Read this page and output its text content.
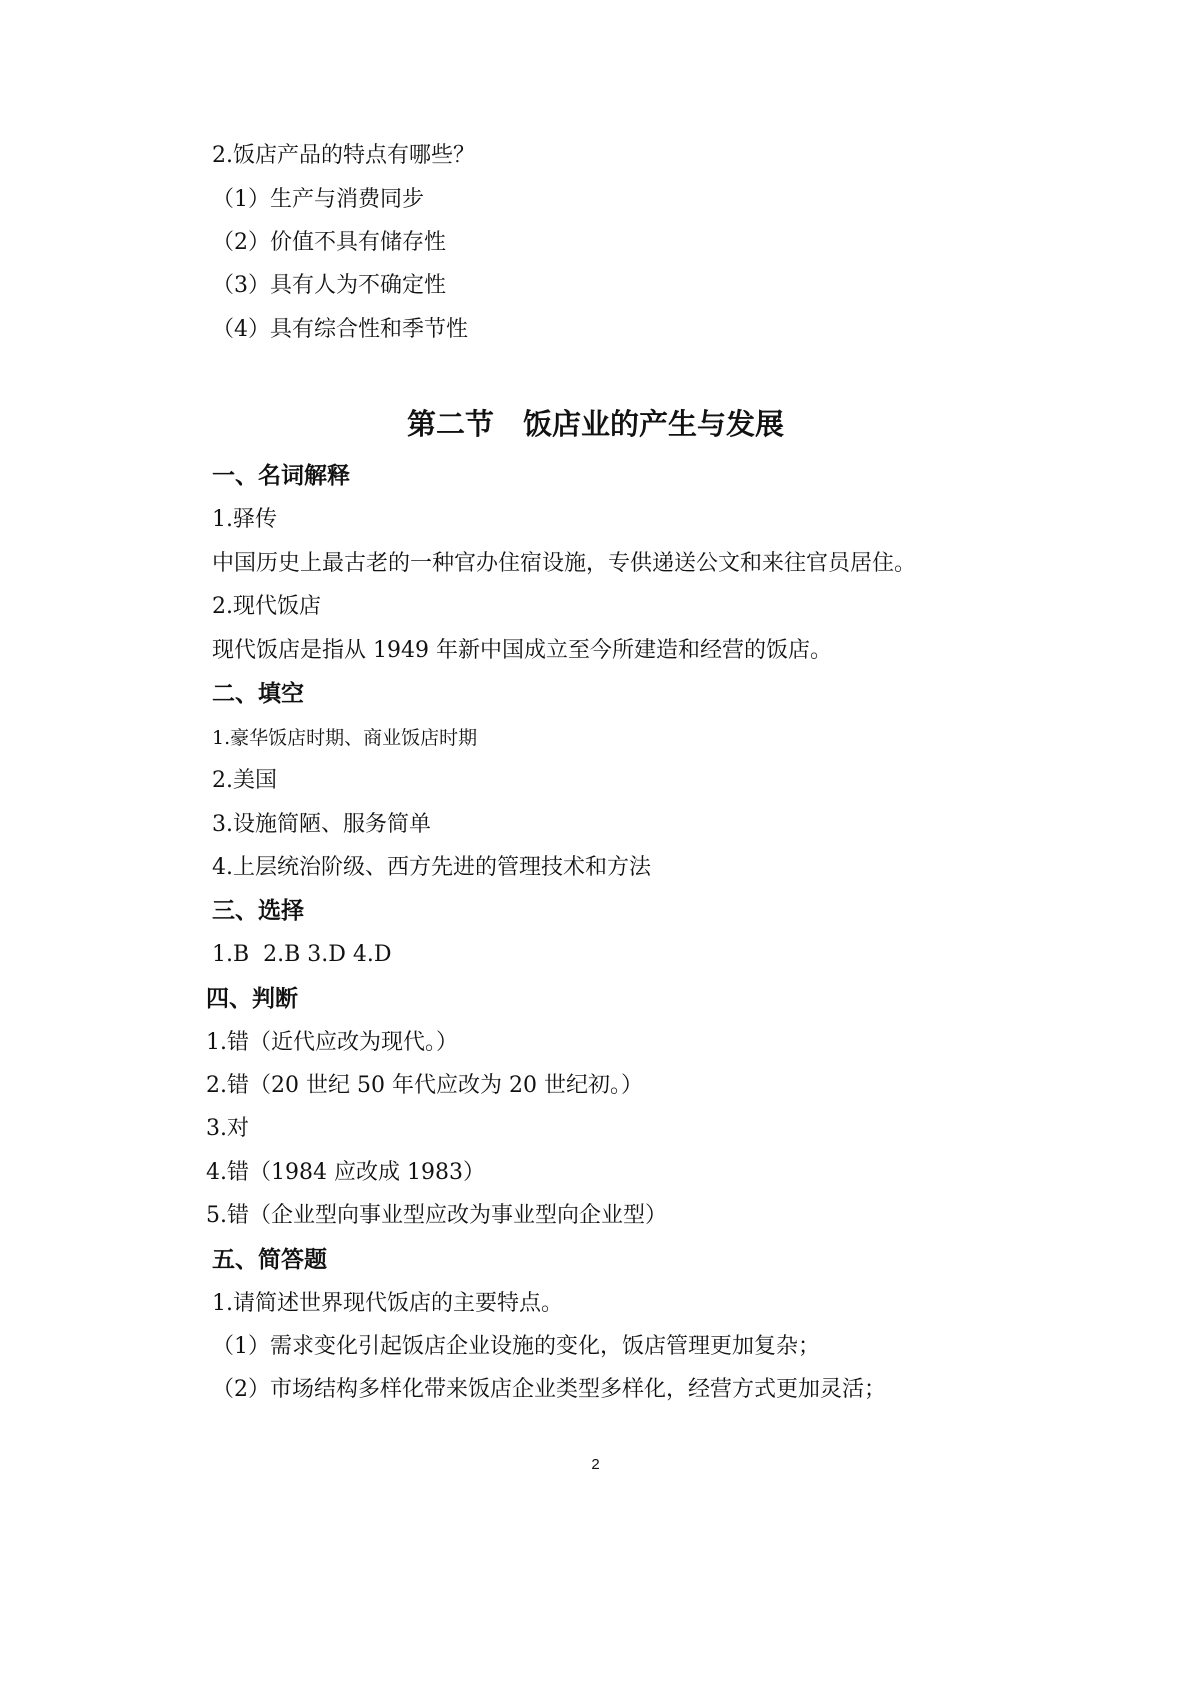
2.饭店产品的特点有哪些？
（1）生产与消费同步
（2）价值不具有储存性
（3）具有人为不确定性
（4）具有综合性和季节性
第二节　饭店业的产生与发展
一、名词解释
1.驿传
中国历史上最古老的一种官办住宿设施，专供递送公文和来往官员居住。
2.现代饭店
现代饭店是指从 1949 年新中国成立至今所建造和经营的饭店。
二、填空
1.豪华饭店时期、商业饭店时期
2.美国
3.设施简陋、服务简单
4.上层统治阶级、西方先进的管理技术和方法
三、选择
1.B  2.B 3.D 4.D
四、判断
1.错（近代应改为现代。）
2.错（20 世纪 50 年代应改为 20 世纪初。）
3.对
4.错（1984 应改成 1983）
5.错（企业型向事业型应改为事业型向企业型）
五、简答题
1.请简述世界现代饭店的主要特点。
（1）需求变化引起饭店企业设施的变化，饭店管理更加复杂；
（2）市场结构多样化带来饭店企业类型多样化，经营方式更加灵活；
2
